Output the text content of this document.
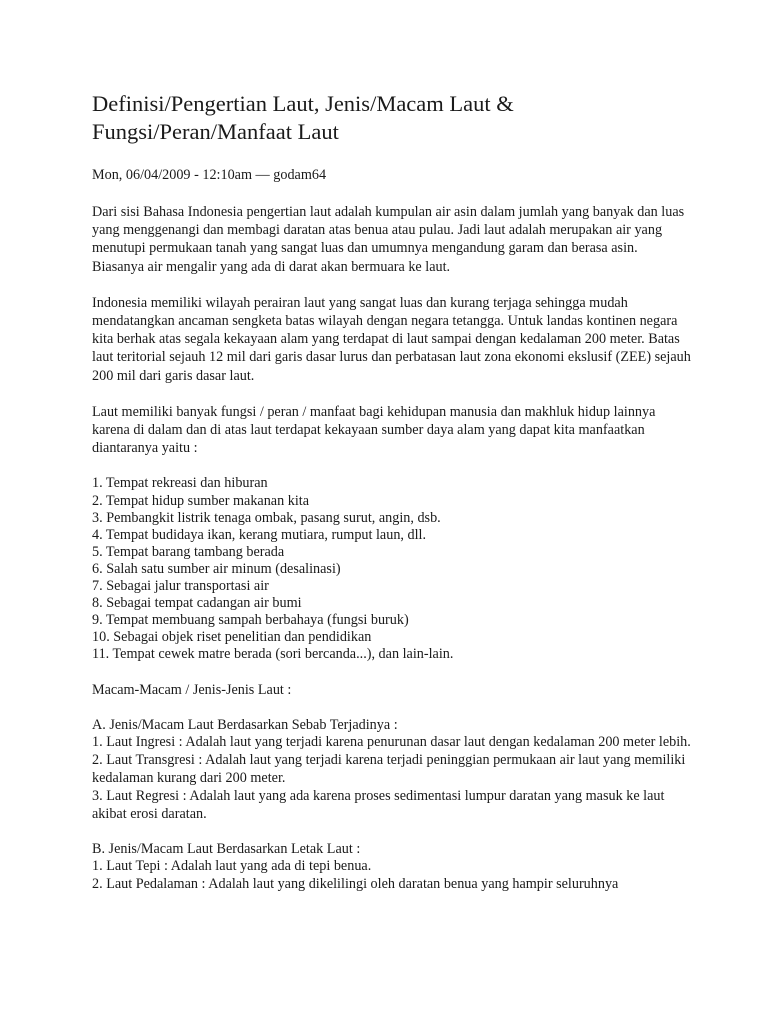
Definisi/Pengertian Laut, Jenis/Macam Laut & Fungsi/Peran/Manfaat Laut
Mon, 06/04/2009 - 12:10am — godam64

Dari sisi Bahasa Indonesia pengertian laut adalah kumpulan air asin dalam jumlah yang banyak dan luas yang menggenangi dan membagi daratan atas benua atau pulau. Jadi laut adalah merupakan air yang menutupi permukaan tanah yang sangat luas dan umumnya mengandung garam dan berasa asin. Biasanya air mengalir yang ada di darat akan bermuara ke laut.

Indonesia memiliki wilayah perairan laut yang sangat luas dan kurang terjaga sehingga mudah mendatangkan ancaman sengketa batas wilayah dengan negara tetangga. Untuk landas kontinen negara kita berhak atas segala kekayaan alam yang terdapat di laut sampai dengan kedalaman 200 meter. Batas laut teritorial sejauh 12 mil dari garis dasar lurus dan perbatasan laut zona ekonomi ekslusif (ZEE) sejauh 200 mil dari garis dasar laut.

Laut memiliki banyak fungsi / peran / manfaat bagi kehidupan manusia dan makhluk hidup lainnya karena di dalam dan di atas laut terdapat kekayaan sumber daya alam yang dapat kita manfaatkan diantaranya yaitu :

1. Tempat rekreasi dan hiburan
2. Tempat hidup sumber makanan kita
3. Pembangkit listrik tenaga ombak, pasang surut, angin, dsb.
4. Tempat budidaya ikan, kerang mutiara, rumput laun, dll.
5. Tempat barang tambang berada
6. Salah satu sumber air minum (desalinasi)
7. Sebagai jalur transportasi air
8. Sebagai tempat cadangan air bumi
9. Tempat membuang sampah berbahaya (fungsi buruk)
10. Sebagai objek riset penelitian dan pendidikan
11. Tempat cewek matre berada (sori bercanda...), dan lain-lain.
Macam-Macam / Jenis-Jenis Laut :
A. Jenis/Macam Laut Berdasarkan Sebab Terjadinya :
1. Laut Ingresi : Adalah laut yang terjadi karena penurunan dasar laut dengan kedalaman 200 meter lebih.
2. Laut Transgresi : Adalah laut yang terjadi karena terjadi peninggian permukaan air laut yang memiliki kedalaman kurang dari 200 meter.
3. Laut Regresi : Adalah laut yang ada karena proses sedimentasi lumpur daratan yang masuk ke laut akibat erosi daratan.
B. Jenis/Macam Laut Berdasarkan Letak Laut :
1. Laut Tepi : Adalah laut yang ada di tepi benua.
2. Laut Pedalaman : Adalah laut yang dikelilingi oleh daratan benua yang hampir seluruhnya
